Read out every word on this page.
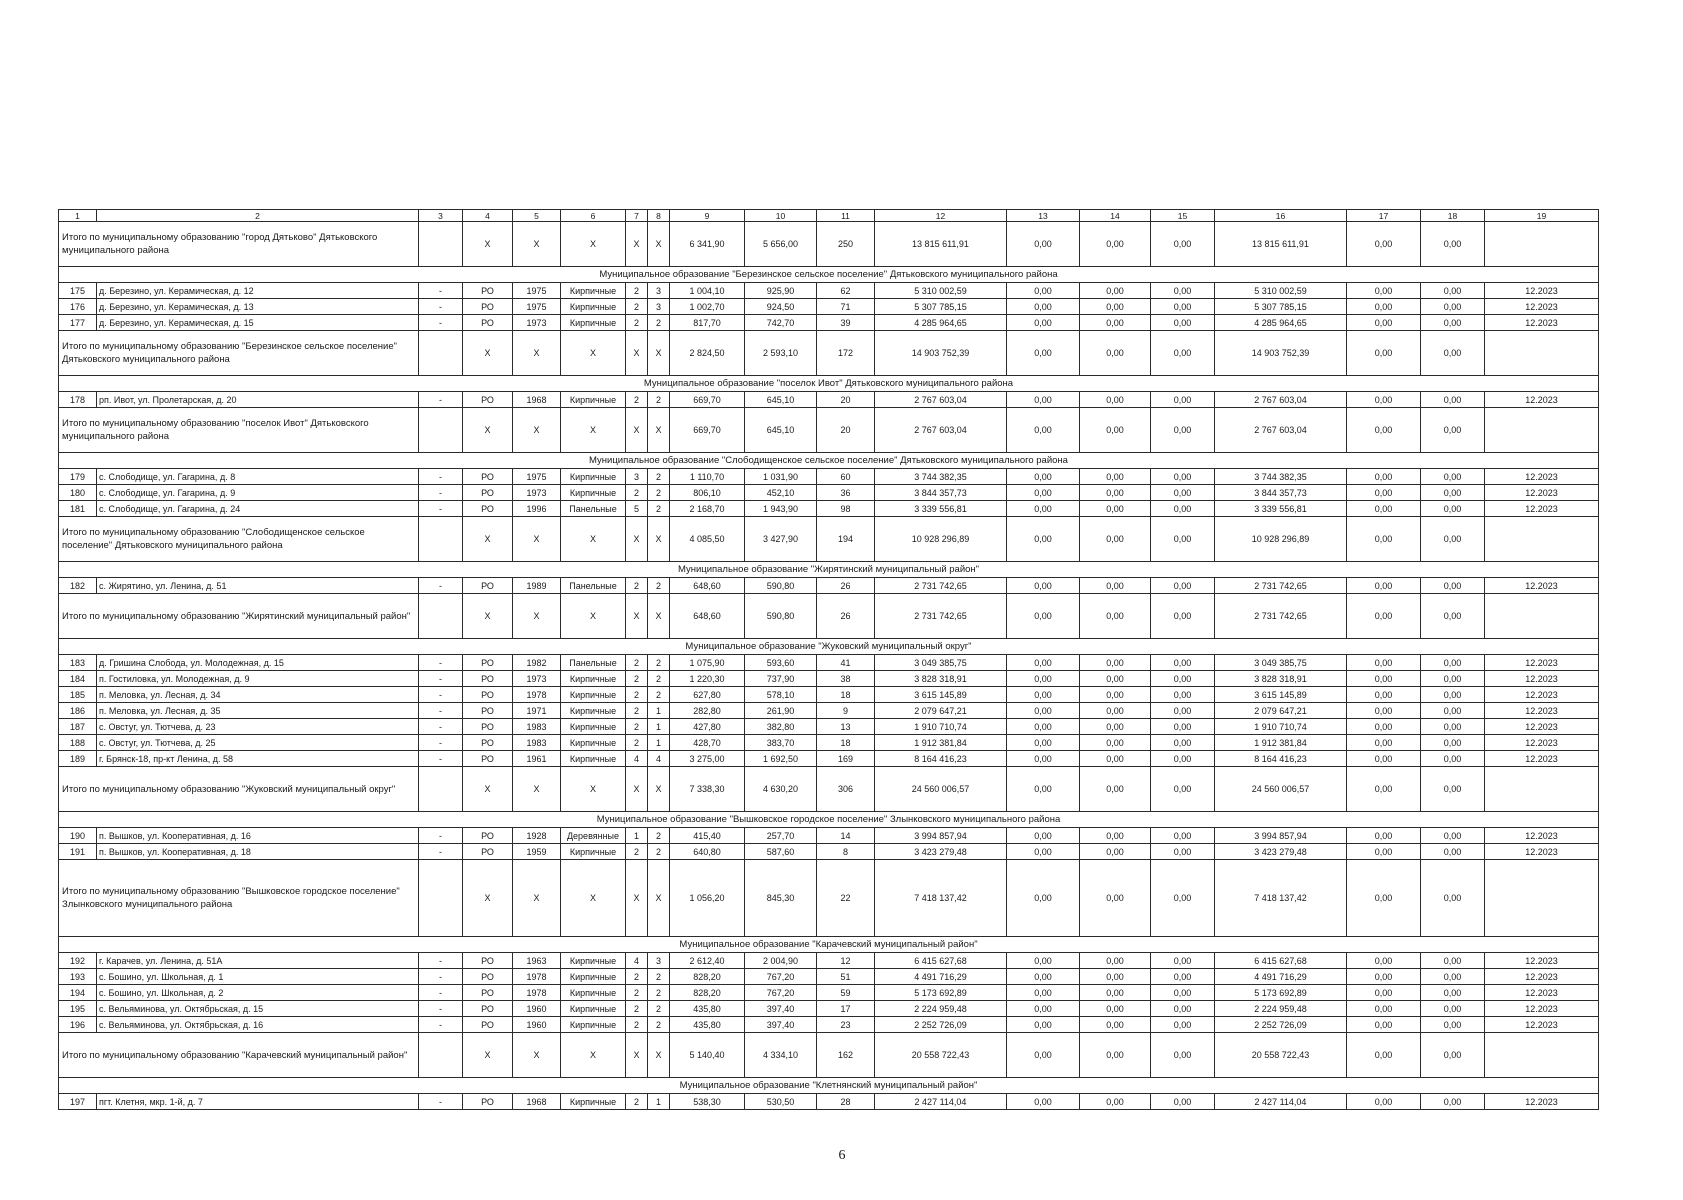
1	2	3	4	5	6	7	8	9	10	11	12	13	14	15	16	17	18	19
Итого по муниципальному образованию "город Дятьково" Дятьковского муниципального района			X	X	X	X	X	6 341,90	5 656,00	250	13 815 611,91	0,00	0,00	0,00	13 815 611,91	0,00	0,00	
Муниципальное образование "Березинское сельское поселение" Дятьковского муниципального района																		
175	д. Березино, ул. Керамическая, д. 12	-	РО	1975	Кирпичные	2	3	1 004,10	925,90	62	5 310 002,59	0,00	0,00	0,00	5 310 002,59	0,00	0,00	12.2023
176	д. Березино, ул. Керамическая, д. 13	-	РО	1975	Кирпичные	2	3	1 002,70	924,50	71	5 307 785,15	0,00	0,00	0,00	5 307 785,15	0,00	0,00	12.2023
177	д. Березино, ул. Керамическая, д. 15	-	РО	1973	Кирпичные	2	2	817,70	742,70	39	4 285 964,65	0,00	0,00	0,00	4 285 964,65	0,00	0,00	12.2023
Итого по муниципальному образованию "Березинское сельское поселение" Дятьковского муниципального района			X	X	X	X	X	2 824,50	2 593,10	172	14 903 752,39	0,00	0,00	0,00	14 903 752,39	0,00	0,00	
Муниципальное образование "поселок Ивот" Дятьковского муниципального района																		
178	рп. Ивот, ул. Пролетарская, д. 20	-	РО	1968	Кирпичные	2	2	669,70	645,10	20	2 767 603,04	0,00	0,00	0,00	2 767 603,04	0,00	0,00	12.2023
Итого по муниципальному образованию "поселок Ивот" Дятьковского муниципального района			X	X	X	X	X	669,70	645,10	20	2 767 603,04	0,00	0,00	0,00	2 767 603,04	0,00	0,00	
Муниципальное образование "Слободищенское сельское поселение" Дятьковского муниципального района																		
179	с. Слободище, ул. Гагарина, д. 8	-	РО	1975	Кирпичные	3	2	1 110,70	1 031,90	60	3 744 382,35	0,00	0,00	0,00	3 744 382,35	0,00	0,00	12.2023
180	с. Слободище, ул. Гагарина, д. 9	-	РО	1973	Кирпичные	2	2	806,10	452,10	36	3 844 357,73	0,00	0,00	0,00	3 844 357,73	0,00	0,00	12.2023
181	с. Слободище, ул. Гагарина, д. 24	-	РО	1996	Панельные	5	2	2 168,70	1 943,90	98	3 339 556,81	0,00	0,00	0,00	3 339 556,81	0,00	0,00	12.2023
Итого по муниципальному образованию "Слободищенское сельское поселение" Дятьковского муниципального района			X	X	X	X	X	4 085,50	3 427,90	194	10 928 296,89	0,00	0,00	0,00	10 928 296,89	0,00	0,00	
Муниципальное образование "Жирятинский муниципальный район"																		
182	с. Жирятино, ул. Ленина, д. 51	-	РО	1989	Панельные	2	2	648,60	590,80	26	2 731 742,65	0,00	0,00	0,00	2 731 742,65	0,00	0,00	12.2023
Итого по муниципальному образованию "Жирятинский муниципальный район"			X	X	X	X	X	648,60	590,80	26	2 731 742,65	0,00	0,00	0,00	2 731 742,65	0,00	0,00	
Муниципальное образование "Жуковский муниципальный округ"																		
183	д. Гришина Слобода, ул. Молодежная, д. 15	-	РО	1982	Панельные	2	2	1 075,90	593,60	41	3 049 385,75	0,00	0,00	0,00	3 049 385,75	0,00	0,00	12.2023
184	п. Гостиловка, ул. Молодежная, д. 9	-	РО	1973	Кирпичные	2	2	1 220,30	737,90	38	3 828 318,91	0,00	0,00	0,00	3 828 318,91	0,00	0,00	12.2023
185	п. Меловка, ул. Лесная, д. 34	-	РО	1978	Кирпичные	2	2	627,80	578,10	18	3 615 145,89	0,00	0,00	0,00	3 615 145,89	0,00	0,00	12.2023
186	п. Меловка, ул. Лесная, д. 35	-	РО	1971	Кирпичные	2	1	282,80	261,90	9	2 079 647,21	0,00	0,00	0,00	2 079 647,21	0,00	0,00	12.2023
187	с. Овстуг, ул. Тютчева, д. 23	-	РО	1983	Кирпичные	2	1	427,80	382,80	13	1 910 710,74	0,00	0,00	0,00	1 910 710,74	0,00	0,00	12.2023
188	с. Овстуг, ул. Тютчева, д. 25	-	РО	1983	Кирпичные	2	1	428,70	383,70	18	1 912 381,84	0,00	0,00	0,00	1 912 381,84	0,00	0,00	12.2023
189	г. Брянск-18, пр-кт Ленина, д. 58	-	РО	1961	Кирпичные	4	4	3 275,00	1 692,50	169	8 164 416,23	0,00	0,00	0,00	8 164 416,23	0,00	0,00	12.2023
Итого по муниципальному образованию "Жуковский муниципальный округ"			X	X	X	X	X	7 338,30	4 630,20	306	24 560 006,57	0,00	0,00	0,00	24 560 006,57	0,00	0,00	
Муниципальное образование "Вышковское городское поселение" Злынковского муниципального района																		
190	п. Вышков, ул. Кооперативная, д. 16	-	РО	1928	Деревянные	1	2	415,40	257,70	14	3 994 857,94	0,00	0,00	0,00	3 994 857,94	0,00	0,00	12.2023
191	п. Вышков, ул. Кооперативная, д. 18	-	РО	1959	Кирпичные	2	2	640,80	587,60	8	3 423 279,48	0,00	0,00	0,00	3 423 279,48	0,00	0,00	12.2023
Итого по муниципальному образованию "Вышковское городское поселение" Злынковского муниципального района			X	X	X	X	X	1 056,20	845,30	22	7 418 137,42	0,00	0,00	0,00	7 418 137,42	0,00	0,00	
Муниципальное образование "Карачевский муниципальный район"																		
192	г. Карачев, ул. Ленина, д. 51А	-	РО	1963	Кирпичные	4	3	2 612,40	2 004,90	12	6 415 627,68	0,00	0,00	0,00	6 415 627,68	0,00	0,00	12.2023
193	с. Бошино, ул. Школьная, д. 1	-	РО	1978	Кирпичные	2	2	828,20	767,20	51	4 491 716,29	0,00	0,00	0,00	4 491 716,29	0,00	0,00	12.2023
194	с. Бошино, ул. Школьная, д. 2	-	РО	1978	Кирпичные	2	2	828,20	767,20	59	5 173 692,89	0,00	0,00	0,00	5 173 692,89	0,00	0,00	12.2023
195	с. Вельяминова, ул. Октябрьская, д. 15	-	РО	1960	Кирпичные	2	2	435,80	397,40	17	2 224 959,48	0,00	0,00	0,00	2 224 959,48	0,00	0,00	12.2023
196	с. Вельяминова, ул. Октябрьская, д. 16	-	РО	1960	Кирпичные	2	2	435,80	397,40	23	2 252 726,09	0,00	0,00	0,00	2 252 726,09	0,00	0,00	12.2023
Итого по муниципальному образованию "Карачевский муниципальный район"			X	X	X	X	X	5 140,40	4 334,10	162	20 558 722,43	0,00	0,00	0,00	20 558 722,43	0,00	0,00	
Муниципальное образование "Клетнянский муниципальный район"																		
197	пгт. Клетня, мкр. 1-й, д. 7	-	РО	1968	Кирпичные	2	1	538,30	530,50	28	2 427 114,04	0,00	0,00	0,00	2 427 114,04	0,00	0,00	12.2023
6
